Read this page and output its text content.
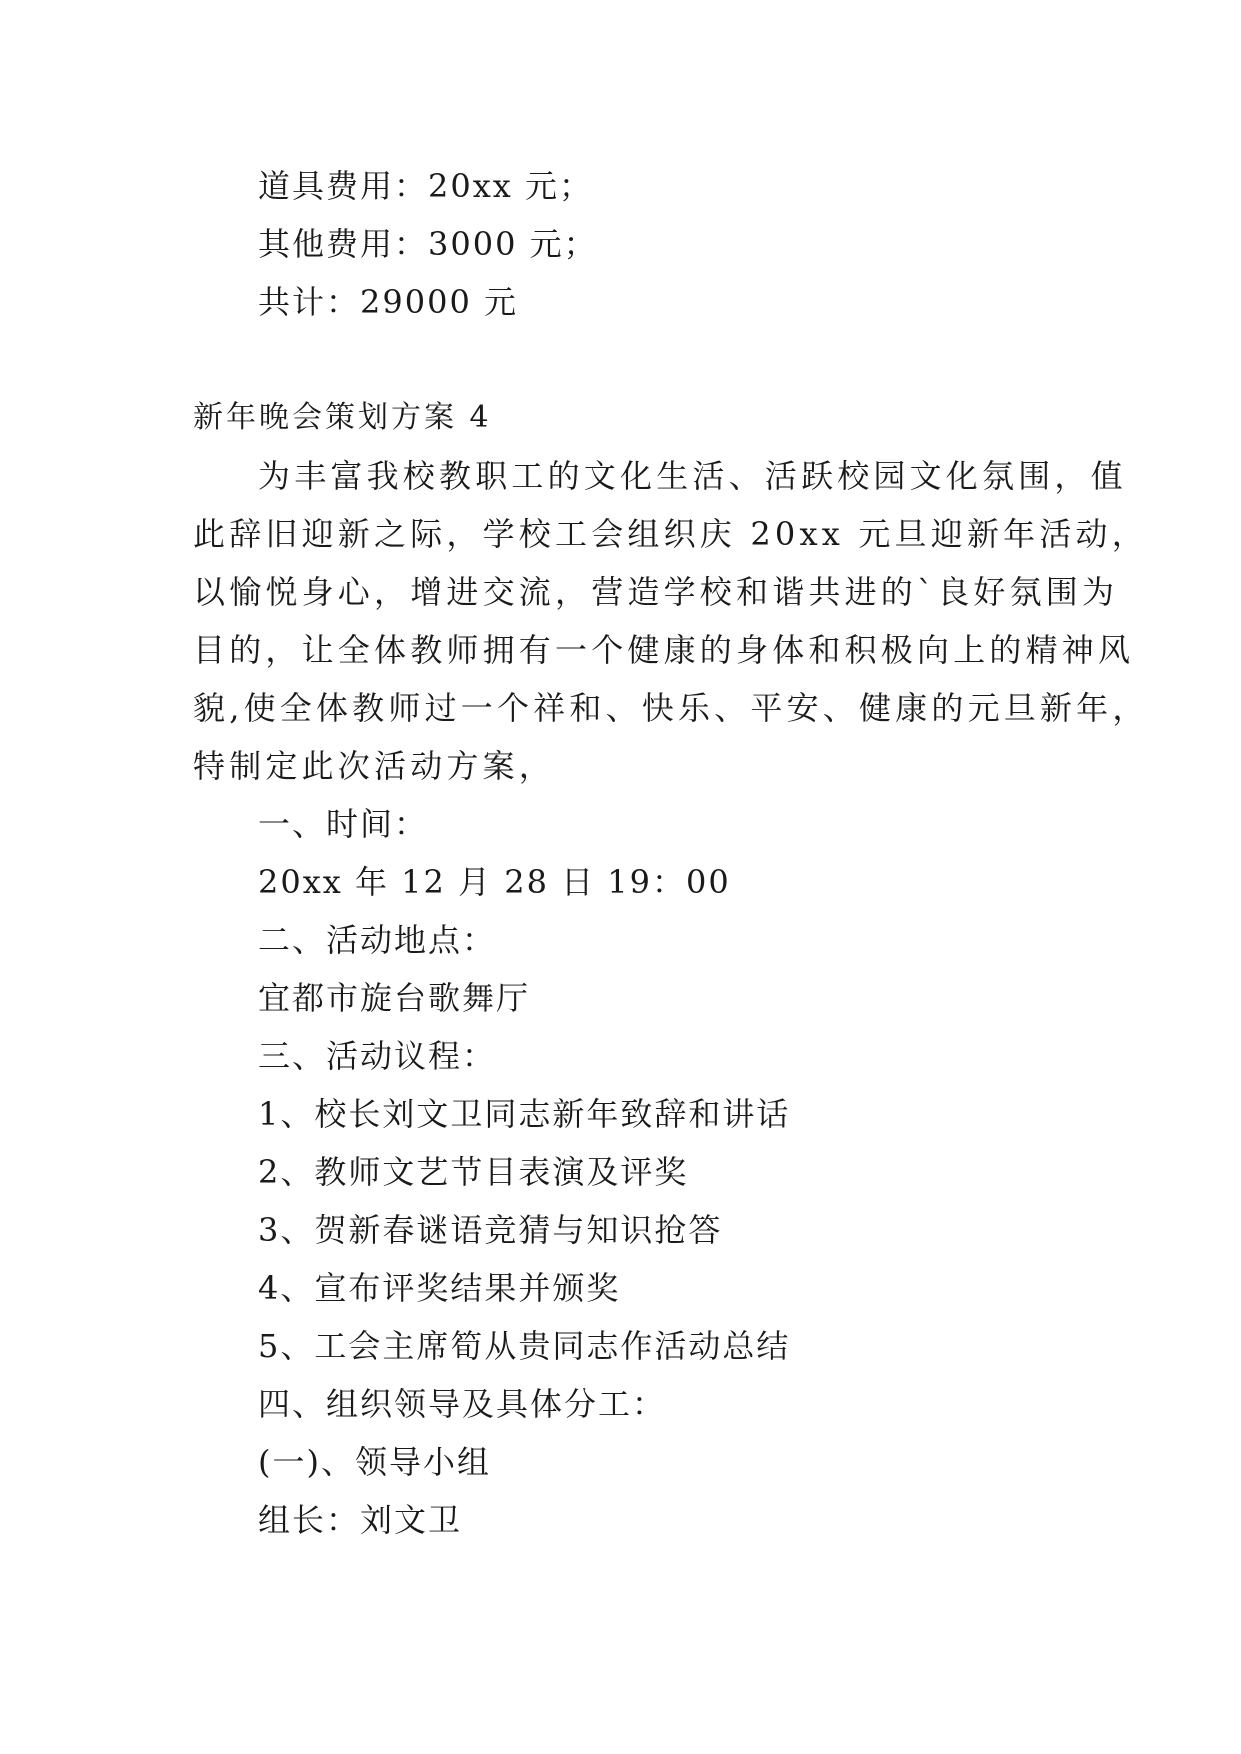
道具费用：20xx 元；
其他费用：3000 元；
共计：29000 元
新年晚会策划方案 4
为丰富我校教职工的文化生活、活跃校园文化氛围，值
此辞旧迎新之际，学校工会组织庆 20xx 元旦迎新年活动，
以愉悦身心，增进交流，营造学校和谐共进的`良好氛围为
目的，让全体教师拥有一个健康的身体和积极向上的精神风
貌,使全体教师过一个祥和、快乐、平安、健康的元旦新年，
特制定此次活动方案，
一、时间：
20xx 年 12 月 28 日 19：00
二、活动地点：
宜都市旋台歌舞厅
三、活动议程：
1、校长刘文卫同志新年致辞和讲话
2、教师文艺节目表演及评奖
3、贺新春谜语竞猜与知识抢答
4、宣布评奖结果并颁奖
5、工会主席筍从贵同志作活动总结
四、组织领导及具体分工：
(一)、领导小组
组长：刘文卫
